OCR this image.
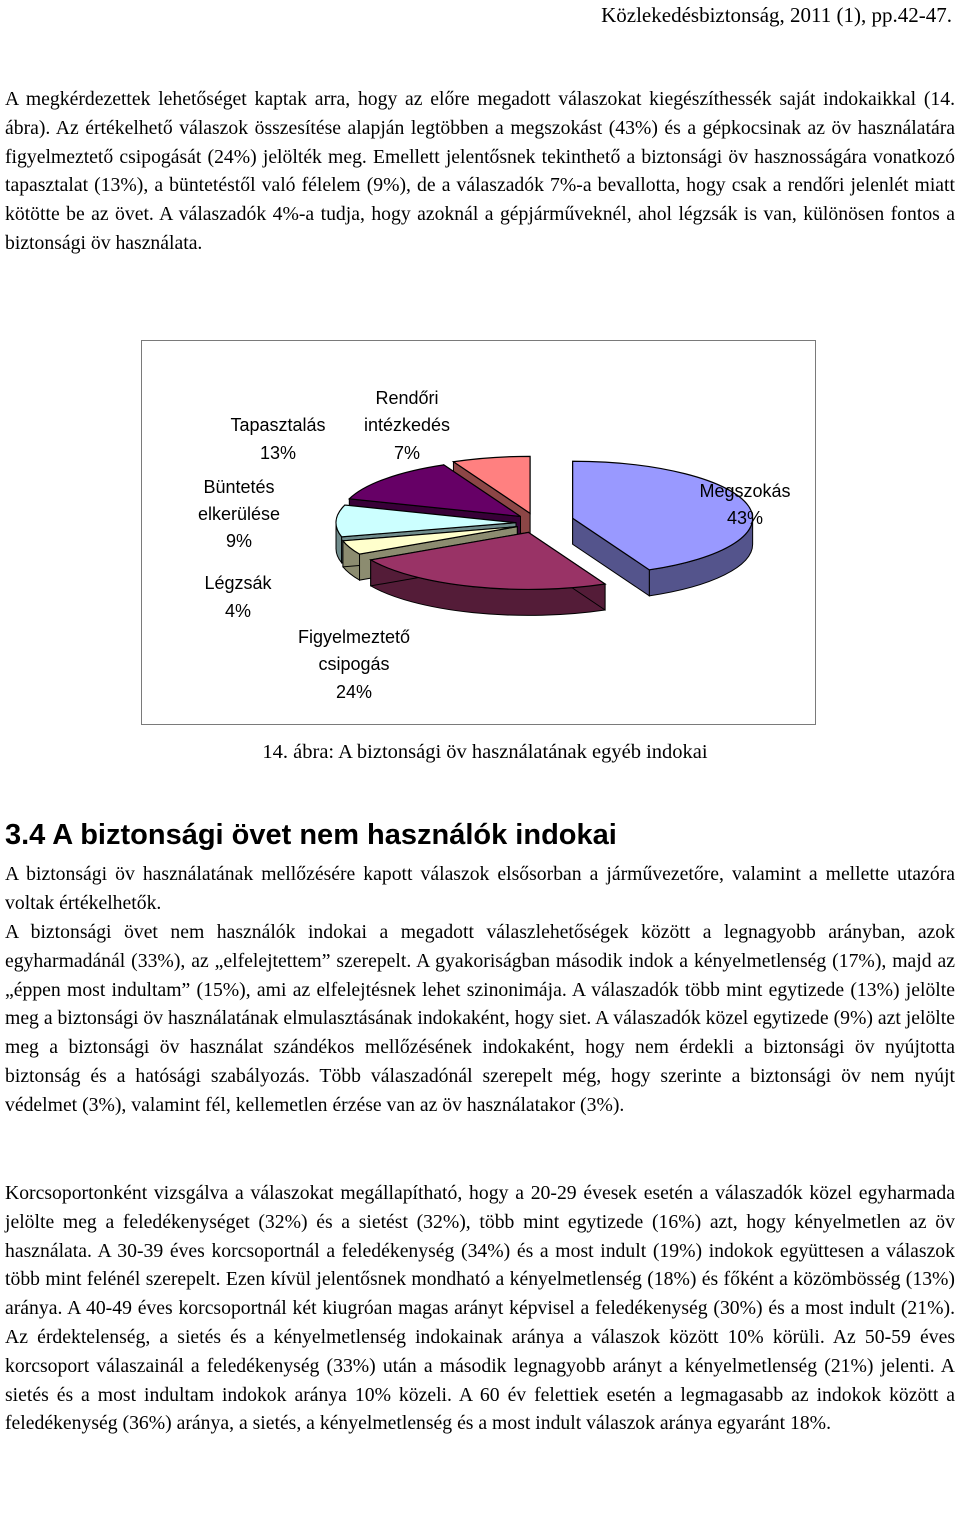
Közlekedésbiztonság, 2011 (1), pp.42-47.

A megkérdezettek lehetőséget kaptak arra, hogy az előre megadott válaszokat kiegészíthessék saját indokaikkal (14. ábra). Az értékelhető válaszok összesítése alapján legtöbben a megszokást (43%) és a gépkocsinak az öv használatára figyelmeztető csipogását (24%) jelölték meg. Emellett jelentősnek tekinthető a biztonsági öv hasznosságára vonatkozó tapasztalat (13%), a büntetéstől való félelem (9%), de a válaszadók 7%-a bevallotta, hogy csak a rendőri jelenlét miatt kötötte be az övet. A válaszadók 4%-a tudja, hogy azoknál a gépjárműveknél, ahol légzsák is van, különösen fontos a biztonsági öv használata.

Rendőri
intézkedés
7%
Tapasztalás
13%
Büntetés
elkerülése
9%
Légzsák
4%
Figyelmeztető
csipogás
24%
Megszokás
43%
14. ábra: A biztonsági öv használatának egyéb indokai
3.4 A biztonsági övet nem használók indokai

A biztonsági öv használatának mellőzésére kapott válaszok elsősorban a járművezetőre, valamint a mellette utazóra voltak értékelhetők.

A biztonsági övet nem használók indokai a megadott válaszlehetőségek között a legnagyobb arányban, azok egyharmadánál (33%), az „elfelejtettem” szerepelt. A gyakoriságban második indok a kényelmetlenség (17%), majd az „éppen most indultam” (15%), ami az elfelejtésnek lehet szinonimája. A válaszadók több mint egytizede (13%) jelölte meg a biztonsági öv használatának elmulasztásának indokaként, hogy siet. A válaszadók közel egytizede (9%) azt jelölte meg a biztonsági öv használat szándékos mellőzésének indokaként, hogy nem érdekli a biztonsági öv nyújtotta biztonság és a hatósági szabályozás. Több válaszadónál szerepelt még, hogy szerinte a biztonsági öv nem nyújt védelmet (3%), valamint fél, kellemetlen érzése van az öv használatakor (3%).

Korcsoportonként vizsgálva a válaszokat megállapítható, hogy a 20-29 évesek esetén a válaszadók közel egyharmada jelölte meg a feledékenységet (32%) és a sietést (32%), több mint egytizede (16%) azt, hogy kényelmetlen az öv használata. A 30-39 éves korcsoportnál a feledékenység (34%) és a most indult (19%) indokok együttesen a válaszok több mint felénél szerepelt. Ezen kívül jelentősnek mondható a kényelmetlenség (18%) és főként a közömbösség (13%) aránya. A 40-49 éves korcsoportnál két kiugróan magas arányt képvisel a feledékenység (30%) és a most indult (21%). Az érdektelenség, a sietés és a kényelmetlenség indokainak aránya a válaszok között 10% körüli. Az 50-59 éves korcsoport válaszainál a feledékenység (33%) után a második legnagyobb arányt a kényelmetlenség (21%) jelenti. A sietés és a most indultam indokok aránya 10% közeli. A 60 év felettiek esetén a legmagasabb az indokok között a feledékenység (36%) aránya, a sietés, a kényelmetlenség és a most indult válaszok aránya egyaránt 18%.
